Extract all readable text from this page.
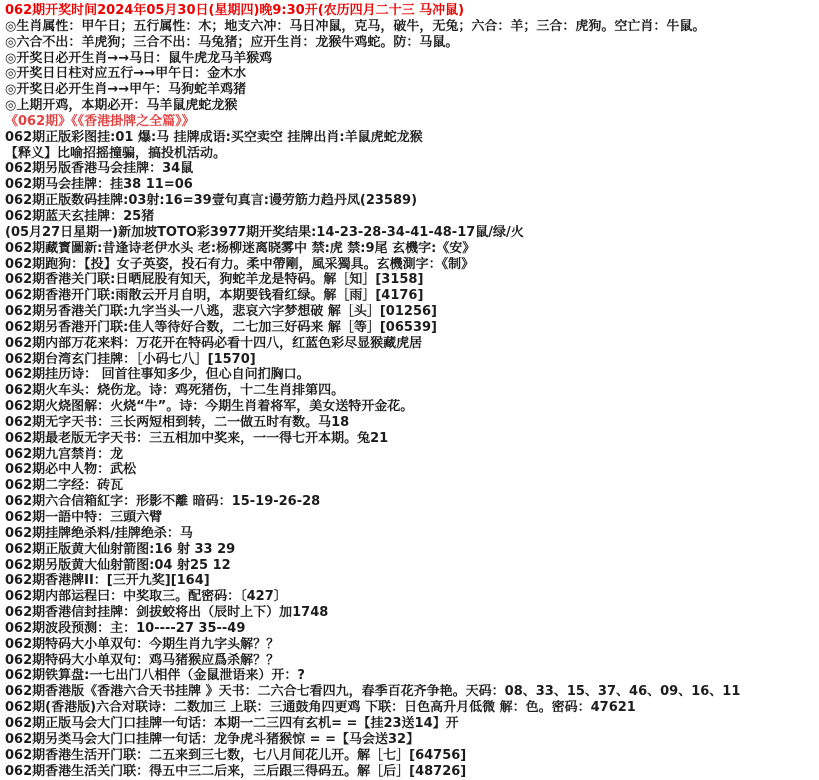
062期开奖时间2024年05月30日(星期四)晚9:30开(农历四月二十三 马冲鼠)
◎生肖属性：甲午日；五行属性：木；地支六冲：马日冲鼠，克马，破牛，无兔；六合：羊；三合：虎狗。空亡肖：牛鼠。
◎六合不出：羊虎狗；三合不出：马兔猪；应开生肖：龙猴牛鸡蛇。防：马鼠。
◎开奖日必开生肖→→马日：鼠牛虎龙马羊猴鸡
◎开奖日日柱对应五行→→甲午日：金木水
◎开奖日必开生肖→→甲午：马狗蛇羊鸡猪
◎上期开鸡，本期必开：马羊鼠虎蛇龙猴
《062期》《《香港掛牌之全篇》》
062期正版彩图挂:01 爆:马 挂牌成语:买空卖空 挂牌出肖:羊鼠虎蛇龙猴
【释义】比喻招摇撞骗，搞投机活动。
062期另版香港马会挂牌：34鼠
062期马会挂牌：挂38 11=06
062期正版数码挂牌:03射:16=39壹句真言:谩劳筋力趋丹凤(23589)
062期蓝天玄挂牌：25猪
(05月27日星期一)新加坡TOTO彩3977期开奖结果:14-23-28-34-41-48-17鼠/绿/火
062期藏寳圖新:昔逢诗老伊水头 老:杨柳迷离晓雾中 禁:虎 禁:9尾 玄機字:《安》
062期跑狗：【投】女子英姿，投石有力。柔中帶剛，風采獨具。玄機測字：《制》
062期香港关门联:日晒屁股有知天，狗蛇羊龙是特码。解［知］[3158]
062期香港开门联:雨散云开月自明，本期要钱看红绿。解［雨］[4176]
062期另香港关门联:九字当头一八逃，悲哀六字梦想破 解［头］[01256]
062期另香港开门联:佳人等待好合数，二七加三好码来 解［等］[06539]
062期内部万花来料：万花开在特码必看十四八，红蓝色彩尽显猴藏虎居
062期台湾玄门挂牌：［小码七八］[1570]
062期挂历诗： 回首往事知多少，但心自问扪胸口。
062期火车头：烧伤龙。诗：鸡死猪伤，十二生肖排第四。
062期火烧图解：火烧“牛”。诗：今期生肖着将军，美女送特开金花。
062期无字天书：三长两短相到转，二一做五时有数。马18
062期最老版无字天书：三五相加中奖来，一一得七开本期。兔21
062期九宫禁肖：龙
062期必中人物：武松
062期二字经：砖瓦
062期六合信箱紅字：形影不離 暗码：15-19-26-28
062期一語中特：三頭六臂
062期挂牌绝杀料/挂牌绝杀：马
062期正版黄大仙射箭图:16 射 33 29
062期另版黄大仙射箭图:04 射25 12
062期香港牌II：[三开九奖][164]
062期内部运程曰：中奖取三。配密码：〔427〕
062期香港信封挂牌：剑拔蛟将出（辰时上下）加1748
062期波段预测：主：10----27 35--49
062期特码大小单双句：今期生肖九字头解？？
062期特码大小单双句：鸡马猪猴应爲杀解？？
062期铁算盘:一七出门八相伴（金鼠泄语来）开：?
062期香港版《香港六合天书挂牌 》天书：二六合七看四九，春季百花齐争艳。天码：08、33、15、37、46、09、16、11
062期(香港版)六合对联诗：二数加三 上联：三通鼓角四更鸡 下联：日色高升月低微 解：色。密码：47621
062期正版马会大门口挂牌一句话：本期一二三四有玄机= =【挂23送14】开
062期另类马会大门口挂牌一句话：龙争虎斗猪猴惊 = =【马会送32】
062期香港生活开门联：二五来到三七数，七八月间花儿开。解［七］[64756]
062期香港生活关门联：得五中三二后来，三后跟三得码五。解［后］[48726]
